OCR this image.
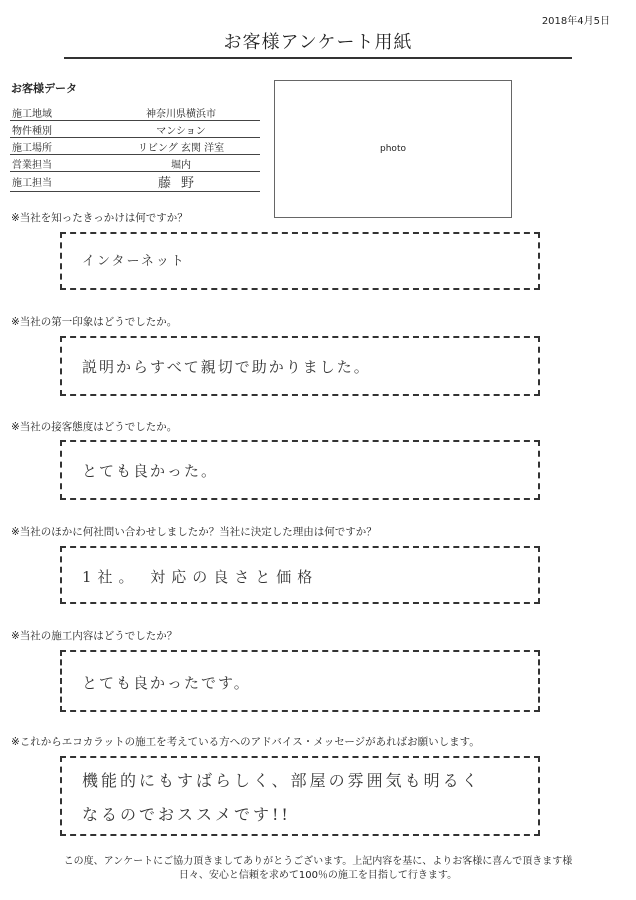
2018年4月5日
お客様アンケート用紙
お客様データ
施工地域	神奈川県横浜市
物件種別	マンション
施工場所	リビング 玄関 洋室
営業担当	堀内
施工担当	藤野
photo
※当社を知ったきっかけは何ですか？
インターネット
※当社の第一印象はどうでしたか。
説明からすべて親切で助かりました。
※当社の接客態度はどうでしたか。
とても良かった。
※当社のほかに何社問い合わせしましたか？当社に決定した理由は何ですか？
1社。 対応の良さと価格
※当社の施工内容はどうでしたか？
とても良かったです。
※これからエコカラットの施工を考えている方へのアドバイス・メッセージがあればお願いします。
機能的にもすばらしく、部屋の雰囲気も明るく
なるのでおススメです!!
この度、アンケートにご協力頂きましてありがとうございます。上記内容を基に、よりお客様に喜んで頂きます様
日々、安心と信頼を求めて100％の施工を目指して行きます。
